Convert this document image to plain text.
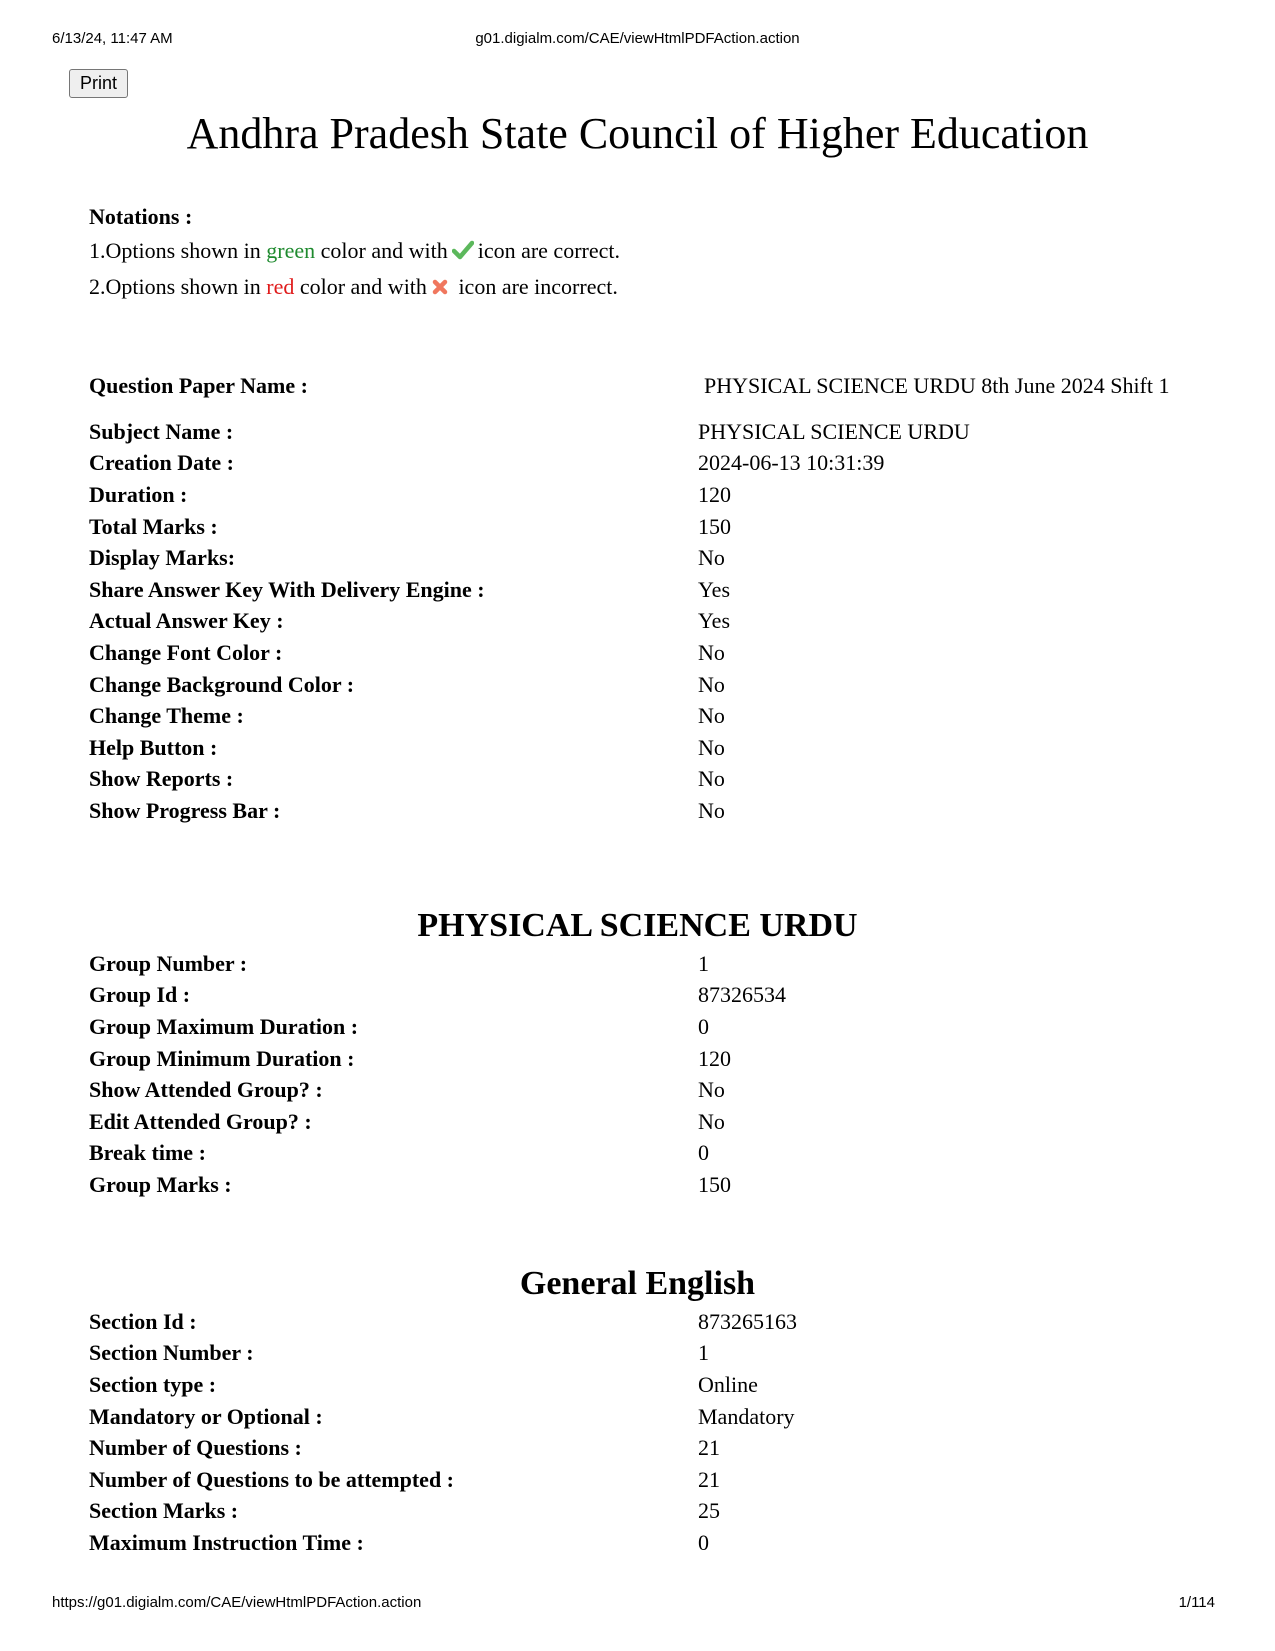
6/13/24, 11:47 AM	g01.digialm.com/CAE/viewHtmlPDFAction.action
Print
Andhra Pradesh State Council of Higher Education
Notations :
1.Options shown in green color and with icon are correct.
2.Options shown in red color and with icon are incorrect.
Question Paper Name :	PHYSICAL SCIENCE URDU 8th June 2024 Shift 1

Subject Name :	PHYSICAL SCIENCE URDU
Creation Date :	2024-06-13 10:31:39
Duration :	120
Total Marks :	150
Display Marks:	No
Share Answer Key With Delivery Engine :	Yes
Actual Answer Key :	Yes
Change Font Color :	No
Change Background Color :	No
Change Theme :	No
Help Button :	No
Show Reports :	No
Show Progress Bar :	No
PHYSICAL SCIENCE URDU
Group Number :	1
Group Id :	87326534
Group Maximum Duration :	0
Group Minimum Duration :	120
Show Attended Group? :	No
Edit Attended Group? :	No
Break time :	0
Group Marks :	150
General English
Section Id :	873265163
Section Number :	1
Section type :	Online
Mandatory or Optional :	Mandatory
Number of Questions :	21
Number of Questions to be attempted :	21
Section Marks :	25
Maximum Instruction Time :	0
https://g01.digialm.com/CAE/viewHtmlPDFAction.action	1/114
